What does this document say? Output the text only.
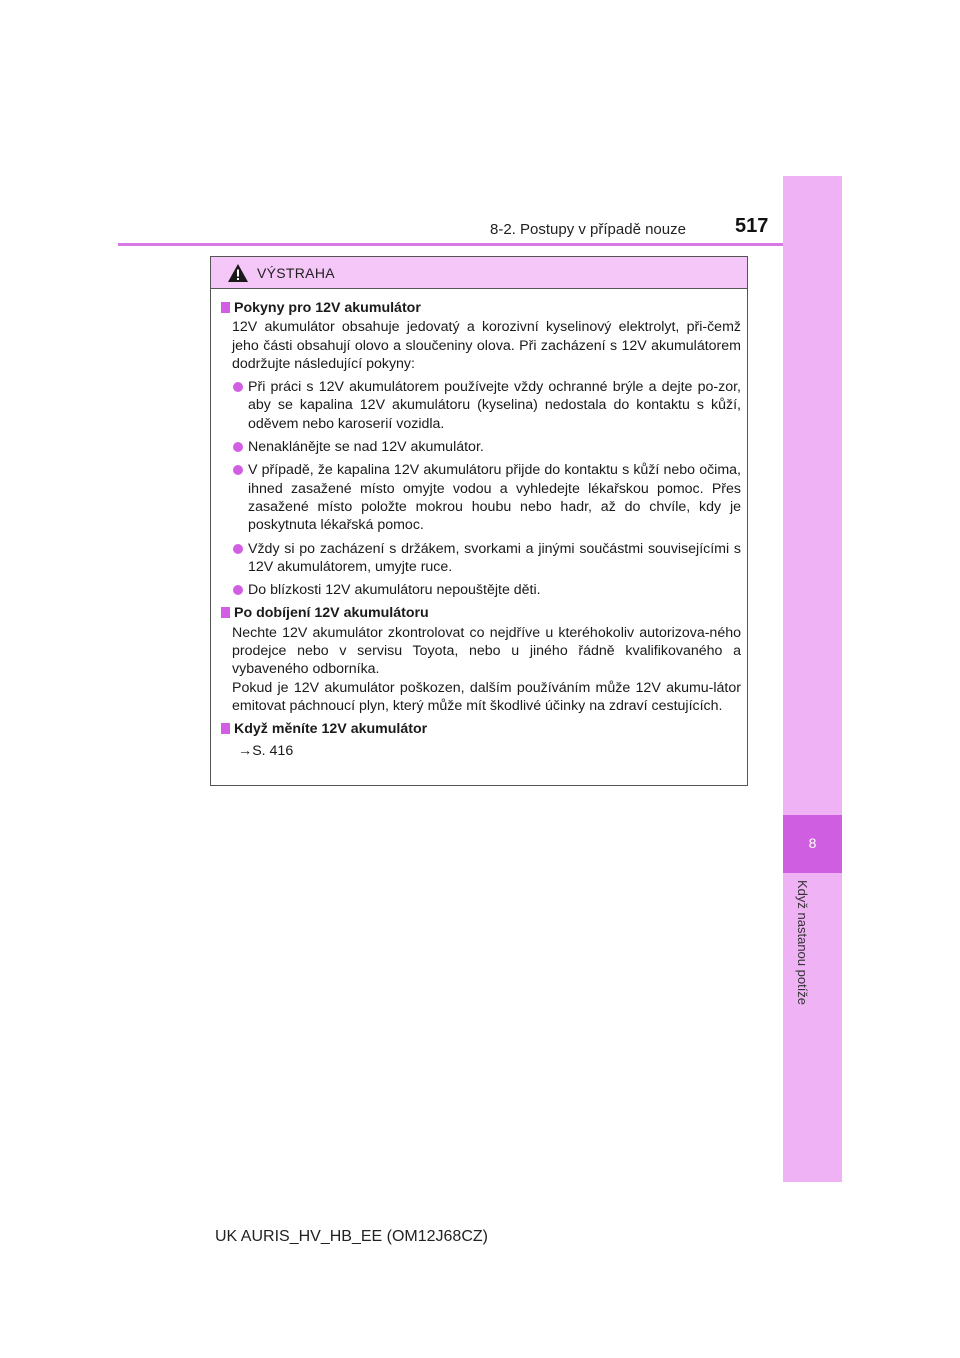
8-2. Postupy v případě nouze 517
8
Když nastanou potíže
VÝSTRAHA
Pokyny pro 12V akumulátor
12V akumulátor obsahuje jedovatý a korozivní kyselinový elektrolyt, při-čemž jeho části obsahují olovo a sloučeniny olova. Při zacházení s 12V akumulátorem dodržujte následující pokyny:
Při práci s 12V akumulátorem používejte vždy ochranné brýle a dejte po-zor, aby se kapalina 12V akumulátoru (kyselina) nedostala do kontaktu s kůží, oděvem nebo karoserií vozidla.
Nenaklánějte se nad 12V akumulátor.
V případě, že kapalina 12V akumulátoru přijde do kontaktu s kůží nebo očima, ihned zasažené místo omyjte vodou a vyhledejte lékařskou pomoc. Přes zasažené místo položte mokrou houbu nebo hadr, až do chvíle, kdy je poskytnuta lékařská pomoc.
Vždy si po zacházení s držákem, svorkami a jinými součástmi souvisejícími s 12V akumulátorem, umyjte ruce.
Do blízkosti 12V akumulátoru nepouštějte děti.
Po dobíjení 12V akumulátoru
Nechte 12V akumulátor zkontrolovat co nejdříve u kteréhokoliv autorizova-ného prodejce nebo v servisu Toyota, nebo u jiného řádně kvalifikovaného a vybaveného odborníka.
Pokud je 12V akumulátor poškozen, dalším používáním může 12V akumu-látor emitovat páchnoucí plyn, který může mít škodlivé účinky na zdraví cestujících.
Když měníte 12V akumulátor
→S. 416
UK AURIS_HV_HB_EE (OM12J68CZ)
